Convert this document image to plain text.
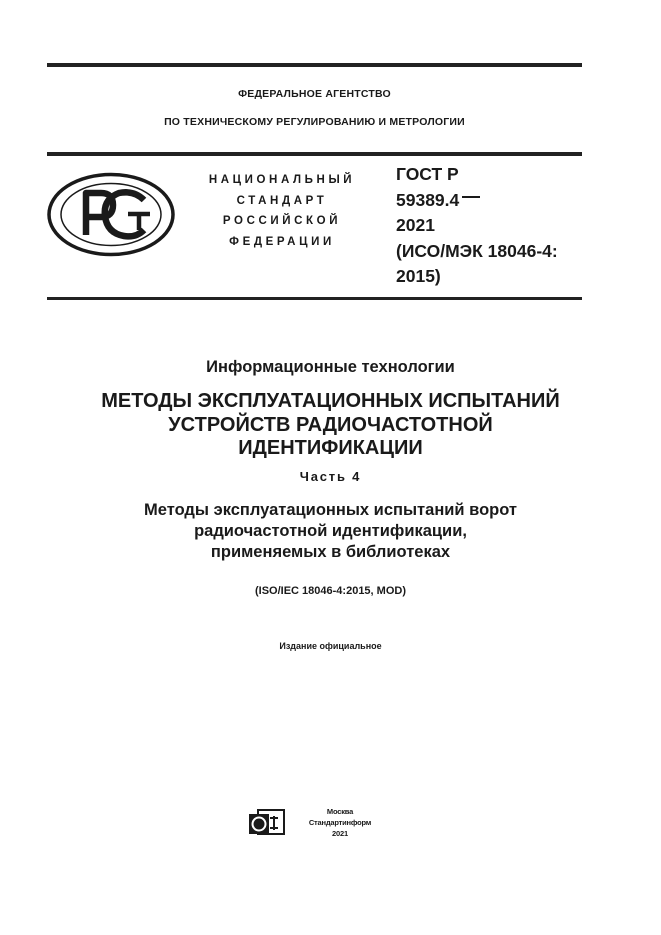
ФЕДЕРАЛЬНОЕ АГЕНТСТВО
ПО ТЕХНИЧЕСКОМУ РЕГУЛИРОВАНИЮ И МЕТРОЛОГИИ
НАЦИОНАЛЬНЫЙ
СТАНДАРТ
РОССИЙСКОЙ
ФЕДЕРАЦИИ
ГОСТ Р
59389.4
2021
(ИСО/МЭК 18046-4:
2015)
Информационные технологии
МЕТОДЫ ЭКСПЛУАТАЦИОННЫХ ИСПЫТАНИЙ
УСТРОЙСТВ РАДИОЧАСТОТНОЙ
ИДЕНТИФИКАЦИИ
Часть 4
Методы эксплуатационных испытаний ворот
радиочастотной идентификации,
применяемых в библиотеках
(ISO/IEC 18046-4:2015, MOD)
Издание официальное
Москва
Стандартинформ
2021
